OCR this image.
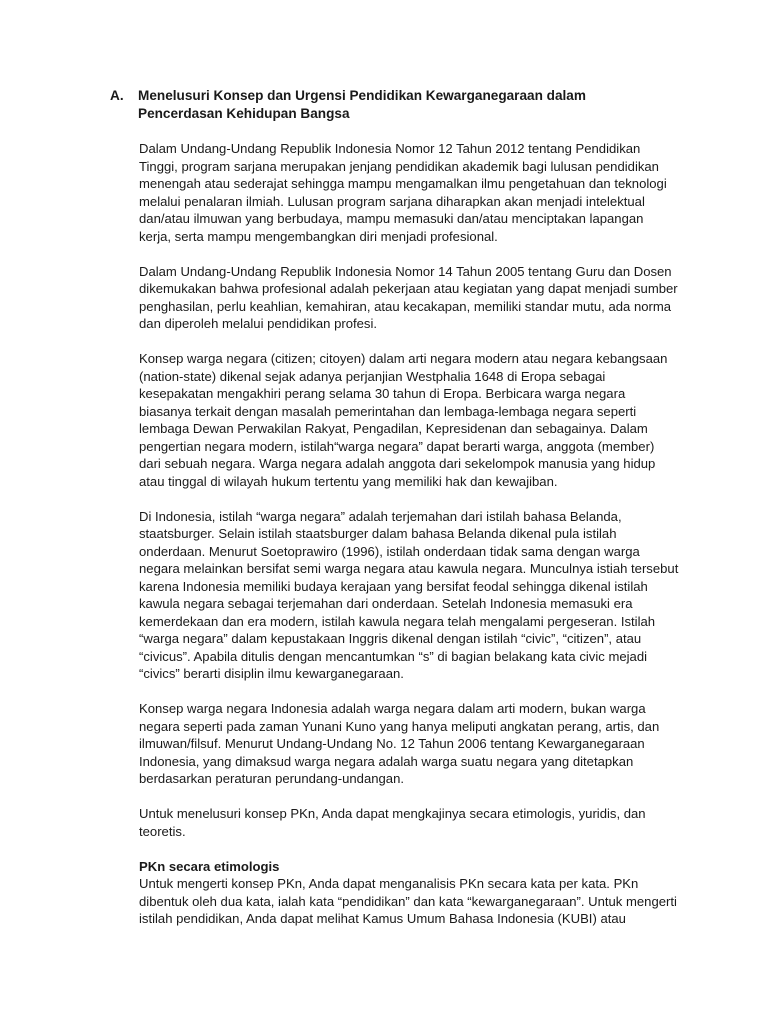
A. Menelusuri Konsep dan Urgensi Pendidikan Kewarganegaraan dalam Pencerdasan Kehidupan Bangsa

Dalam Undang-Undang Republik Indonesia Nomor 12 Tahun 2012 tentang Pendidikan Tinggi, program sarjana merupakan jenjang pendidikan akademik bagi lulusan pendidikan menengah atau sederajat sehingga mampu mengamalkan ilmu pengetahuan dan teknologi melalui penalaran ilmiah. Lulusan program sarjana diharapkan akan menjadi intelektual dan/atau ilmuwan yang berbudaya, mampu memasuki dan/atau menciptakan lapangan kerja, serta mampu mengembangkan diri menjadi profesional.

Dalam Undang-Undang Republik Indonesia Nomor 14 Tahun 2005 tentang Guru dan Dosen dikemukakan bahwa profesional adalah pekerjaan atau kegiatan yang dapat menjadi sumber penghasilan, perlu keahlian, kemahiran, atau kecakapan, memiliki standar mutu, ada norma dan diperoleh melalui pendidikan profesi.

Konsep warga negara (citizen; citoyen) dalam arti negara modern atau negara kebangsaan (nation-state) dikenal sejak adanya perjanjian Westphalia 1648 di Eropa sebagai kesepakatan mengakhiri perang selama 30 tahun di Eropa. Berbicara warga negara biasanya terkait dengan masalah pemerintahan dan lembaga-lembaga negara seperti lembaga Dewan Perwakilan Rakyat, Pengadilan, Kepresidenan dan sebagainya. Dalam pengertian negara modern, istilah“warga negara” dapat berarti warga, anggota (member) dari sebuah negara. Warga negara adalah anggota dari sekelompok manusia yang hidup atau tinggal di wilayah hukum tertentu yang memiliki hak dan kewajiban.

Di Indonesia, istilah “warga negara” adalah terjemahan dari istilah bahasa Belanda, staatsburger. Selain istilah staatsburger dalam bahasa Belanda dikenal pula istilah onderdaan. Menurut Soetoprawiro (1996), istilah onderdaan tidak sama dengan warga negara melainkan bersifat semi warga negara atau kawula negara. Munculnya istiah tersebut karena Indonesia memiliki budaya kerajaan yang bersifat feodal sehingga dikenal istilah kawula negara sebagai terjemahan dari onderdaan. Setelah Indonesia memasuki era kemerdekaan dan era modern, istilah kawula negara telah mengalami pergeseran. Istilah “warga negara” dalam kepustakaan Inggris dikenal dengan istilah “civic”, “citizen”, atau “civicus”. Apabila ditulis dengan mencantumkan “s” di bagian belakang kata civic mejadi “civics” berarti disiplin ilmu kewarganegaraan.

Konsep warga negara Indonesia adalah warga negara dalam arti modern, bukan warga negara seperti pada zaman Yunani Kuno yang hanya meliputi angkatan perang, artis, dan ilmuwan/filsuf. Menurut Undang-Undang No. 12 Tahun 2006 tentang Kewarganegaraan Indonesia, yang dimaksud warga negara adalah warga suatu negara yang ditetapkan berdasarkan peraturan perundang-undangan.

Untuk menelusuri konsep PKn, Anda dapat mengkajinya secara etimologis, yuridis, dan teoretis.

PKn secara etimologis

Untuk mengerti konsep PKn, Anda dapat menganalisis PKn secara kata per kata. PKn dibentuk oleh dua kata, ialah kata “pendidikan” dan kata “kewarganegaraan”. Untuk mengerti istilah pendidikan, Anda dapat melihat Kamus Umum Bahasa Indonesia (KUBI) atau
